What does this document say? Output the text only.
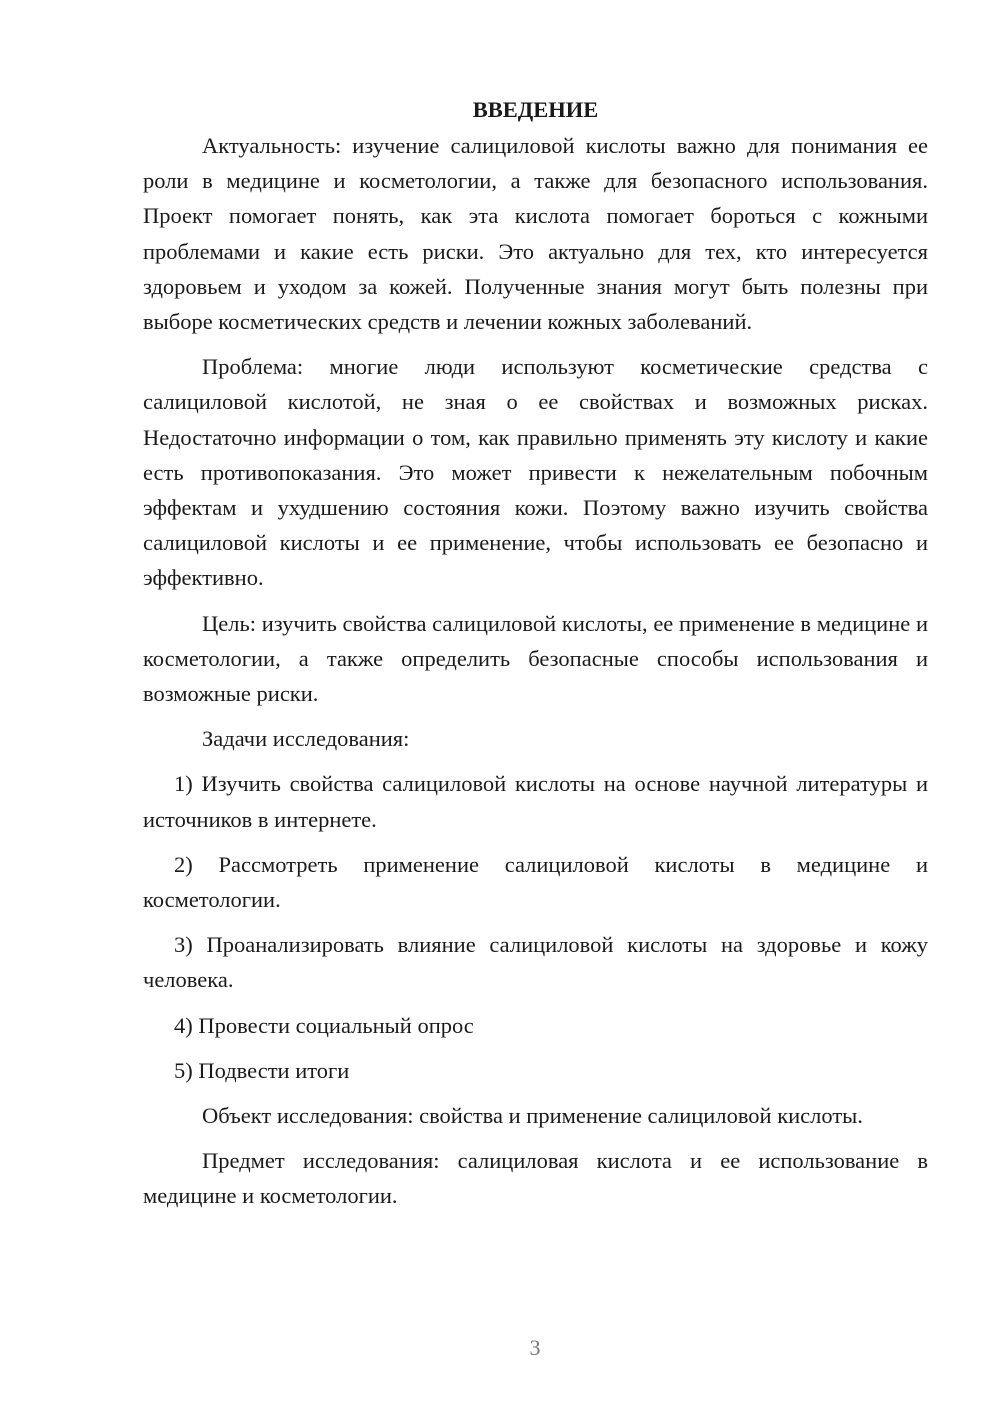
ВВЕДЕНИЕ

Актуальность: изучение салициловой кислоты важно для понимания ее роли в медицине и косметологии, а также для безопасного использования. Проект помогает понять, как эта кислота помогает бороться с кожными проблемами и какие есть риски. Это актуально для тех, кто интересуется здоровьем и уходом за кожей. Полученные знания могут быть полезны при выборе косметических средств и лечении кожных заболеваний.

Проблема: многие люди используют косметические средства с салициловой кислотой, не зная о ее свойствах и возможных рисках. Недостаточно информации о том, как правильно применять эту кислоту и какие есть противопоказания. Это может привести к нежелательным побочным эффектам и ухудшению состояния кожи. Поэтому важно изучить свойства салициловой кислоты и ее применение, чтобы использовать ее безопасно и эффективно.

Цель: изучить свойства салициловой кислоты, ее применение в медицине и косметологии, а также определить безопасные способы использования и возможные риски.

Задачи исследования:

1) Изучить свойства салициловой кислоты на основе научной литературы и источников в интернете.

2) Рассмотреть применение салициловой кислоты в медицине и косметологии.

3) Проанализировать влияние салициловой кислоты на здоровье и кожу человека.

4) Провести социальный опрос

5) Подвести итоги

Объект исследования: свойства и применение салициловой кислоты.

Предмет исследования: салициловая кислота и ее использование в медицине и косметологии.

3
